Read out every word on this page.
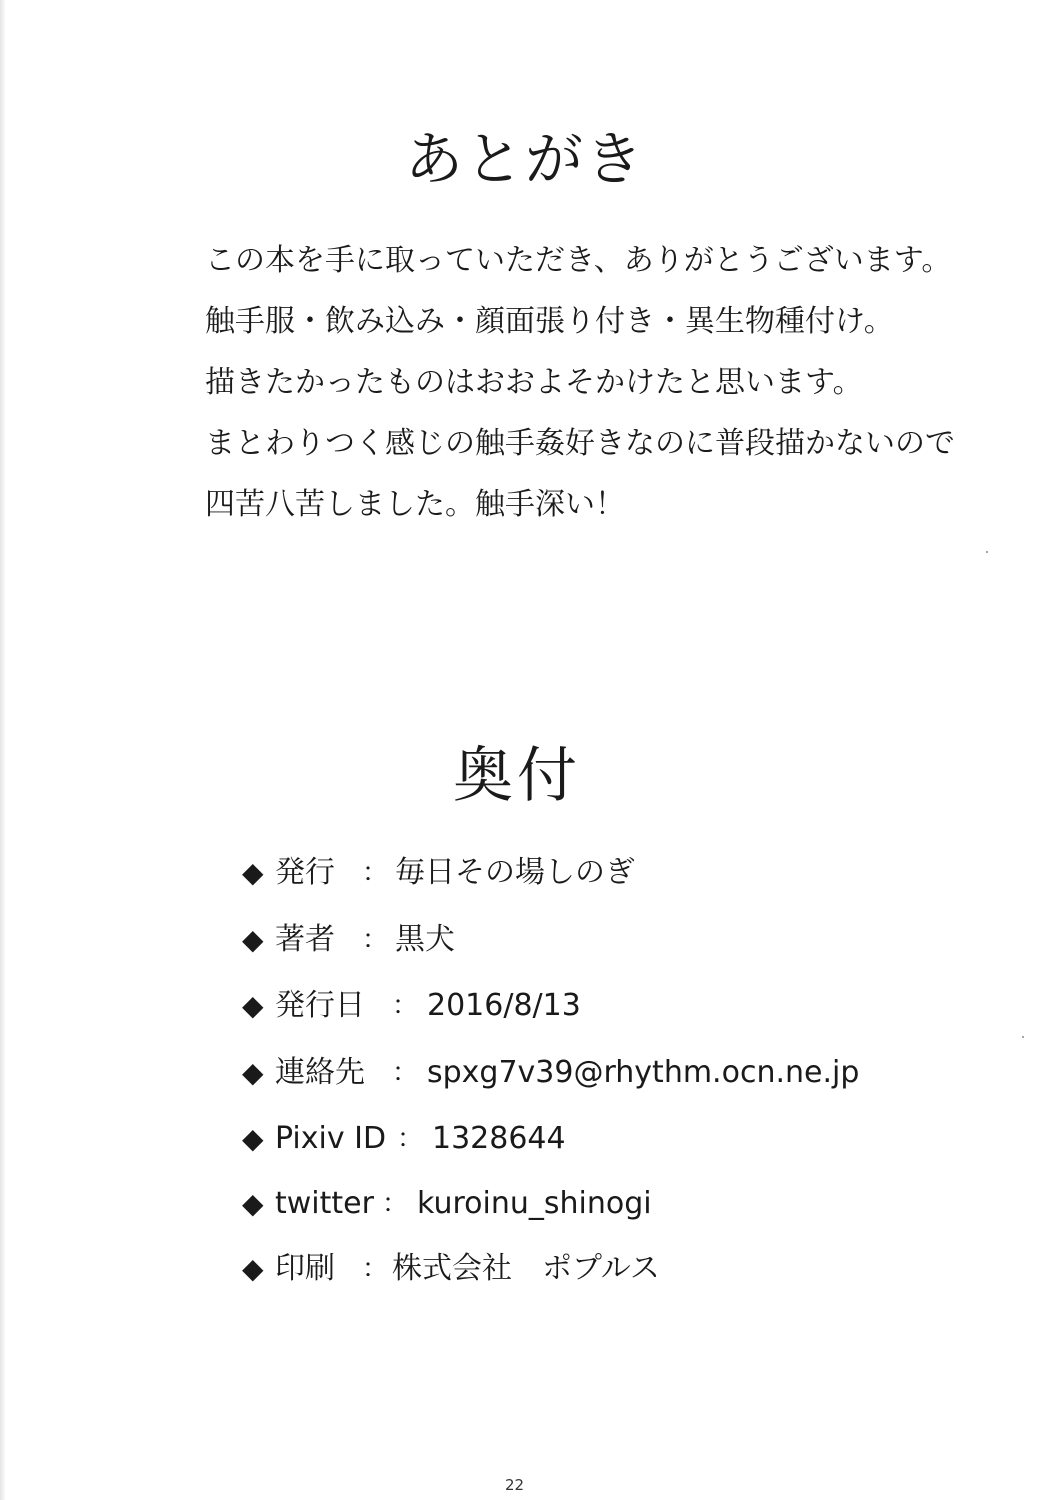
あとがき
この本を手に取っていただき、ありがとうございます。
触手服・飲み込み・顔面張り付き・異生物種付け。
描きたかったものはおおよそかけたと思います。
まとわりつく感じの触手姦好きなのに普段描かないので
四苦八苦しました。触手深い！
奥付
◆ 発行 ： 毎日その場しのぎ
◆ 著者 ： 黒犬
◆ 発行日 ： 2016/8/13
◆ 連絡先 ： spxg7v39@rhythm.ocn.ne.jp
◆ Pixiv ID ： 1328644
◆ twitter ： kuroinu_shinogi
◆ 印刷 ： 株式会社　ポプルス
22
